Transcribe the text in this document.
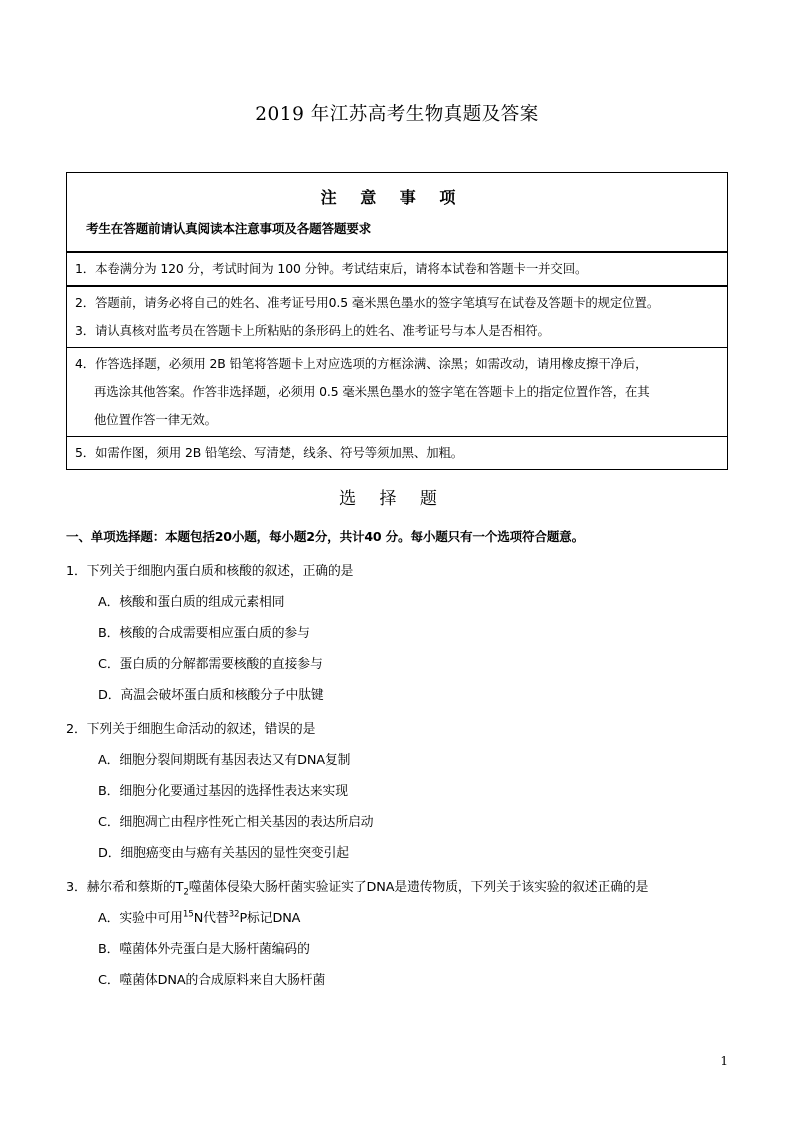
2019 年江苏高考生物真题及答案
注 意 事 项
考生在答题前请认真阅读本注意事项及各题答题要求

1．本卷满分为 120 分，考试时间为 100 分钟。考试结束后，请将本试卷和答题卡一并交回。

2．答题前，请务必将自己的姓名、准考证号用0.5 毫米黑色墨水的签字笔填写在试卷及答题卡的规定位置。

3．请认真核对监考员在答题卡上所粘贴的条形码上的姓名、准考证号与本人是否相符。

4．作答选择题，必须用 2B 铅笔将答题卡上对应选项的方框涂满、涂黑；如需改动，请用橡皮擦干净后，

再选涂其他答案。作答非选择题，必须用 0.5 毫米黑色墨水的签字笔在答题卡上的指定位置作答，在其

他位置作答一律无效。

5．如需作图，须用 2B 铅笔绘、写清楚，线条、符号等须加黑、加粗。

选 择 题

一、单项选择题：本题包括20小题，每小题2分，共计40 分。每小题只有一个选项符合题意。

1．下列关于细胞内蛋白质和核酸的叙述，正确的是

A．核酸和蛋白质的组成元素相同

B．核酸的合成需要相应蛋白质的参与

C．蛋白质的分解都需要核酸的直接参与

D．高温会破坏蛋白质和核酸分子中肽键

2．下列关于细胞生命活动的叙述，错误的是

A．细胞分裂间期既有基因表达又有DNA复制

B．细胞分化要通过基因的选择性表达来实现

C．细胞凋亡由程序性死亡相关基因的表达所启动

D．细胞癌变由与癌有关基因的显性突变引起

3．赫尔希和蔡斯的$T_2$噬菌体侵染大肠杆菌实验证实了DNA是遗传物质，下列关于该实验的叙述正确的是

A．实验中可用$^{15}$N代替$^{32}$P标记DNA

B．噬菌体外壳蛋白是大肠杆菌编码的

C．噬菌体DNA的合成原料来自大肠杆菌

1
